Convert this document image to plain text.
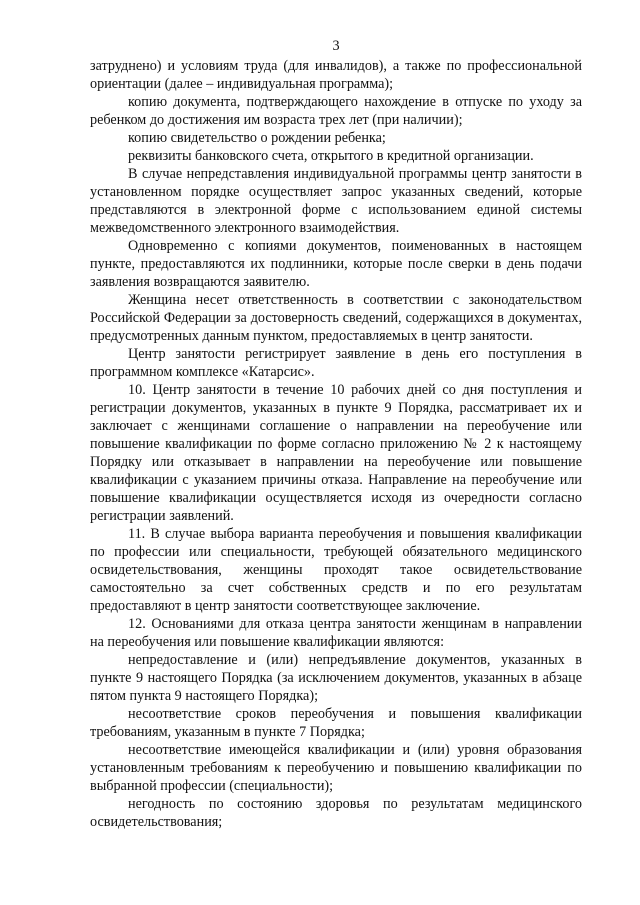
3

затруднено) и условиям труда (для инвалидов), а также по профессиональной ориентации (далее – индивидуальная программа);

копию документа, подтверждающего нахождение в отпуске по уходу за ребенком до достижения им возраста трех лет (при наличии);

копию свидетельство о рождении ребенка;

реквизиты банковского счета, открытого в кредитной организации.

В случае непредставления индивидуальной программы центр занятости в установленном порядке осуществляет запрос указанных сведений, которые представляются в электронной форме с использованием единой системы межведомственного электронного взаимодействия.

Одновременно с копиями документов, поименованных в настоящем пункте, предоставляются их подлинники, которые после сверки в день подачи заявления возвращаются заявителю.

Женщина несет ответственность в соответствии с законодательством Российской Федерации за достоверность сведений, содержащихся в документах, предусмотренных данным пунктом, предоставляемых в центр занятости.

Центр занятости регистрирует заявление в день его поступления в программном комплексе «Катарсис».

10. Центр занятости в течение 10 рабочих дней со дня поступления и регистрации документов, указанных в пункте 9 Порядка, рассматривает их и заключает с женщинами соглашение о направлении на переобучение или повышение квалификации по форме согласно приложению № 2 к настоящему Порядку или отказывает в направлении на переобучение или повышение квалификации с указанием причины отказа. Направление на переобучение или повышение квалификации осуществляется исходя из очередности согласно регистрации заявлений.

11. В случае выбора варианта переобучения и повышения квалификации по профессии или специальности, требующей обязательного медицинского освидетельствования, женщины проходят такое освидетельствование самостоятельно за счет собственных средств и по его результатам предоставляют в центр занятости соответствующее заключение.

12. Основаниями для отказа центра занятости женщинам в направлении на переобучения или повышение квалификации являются:

непредоставление и (или) непредъявление документов, указанных в пункте 9 настоящего Порядка (за исключением документов, указанных в абзаце пятом пункта 9 настоящего Порядка);

несоответствие сроков переобучения и повышения квалификации требованиям, указанным в пункте 7 Порядка;

несоответствие имеющейся квалификации и (или) уровня образования установленным требованиям к переобучению и повышению квалификации по выбранной профессии (специальности);

негодность по состоянию здоровья по результатам медицинского освидетельствования;
